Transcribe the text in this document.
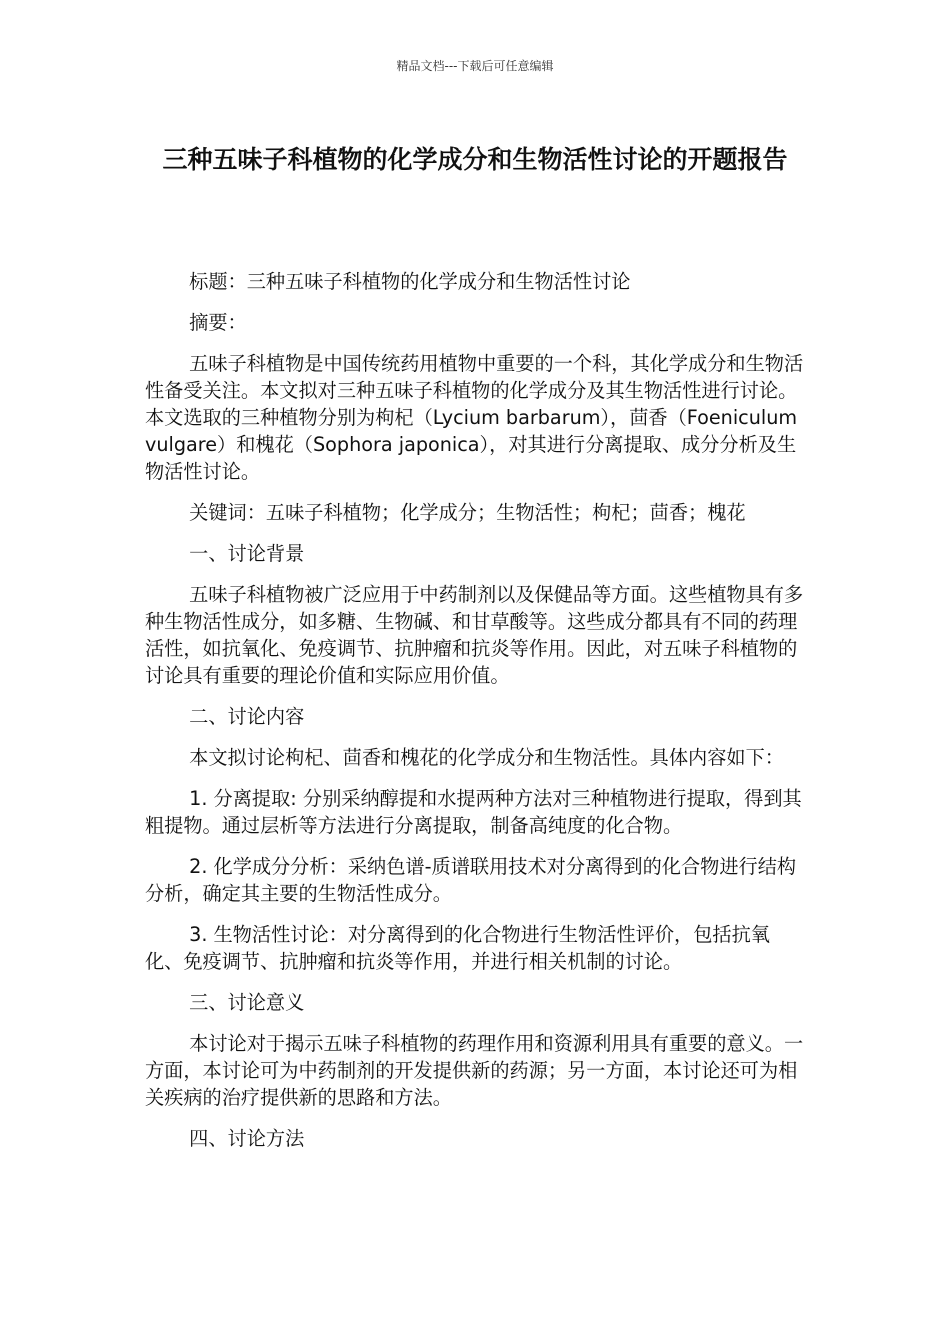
精品文档---下载后可任意编辑
三种五味子科植物的化学成分和生物活性讨论的开题报告

标题：三种五味子科植物的化学成分和生物活性讨论

摘要：

五味子科植物是中国传统药用植物中重要的一个科，其化学成分和生物活性备受关注。本文拟对三种五味子科植物的化学成分及其生物活性进行讨论。本文选取的三种植物分别为枸杞（Lycium barbarum），茴香（Foeniculum vulgare）和槐花（Sophora japonica），对其进行分离提取、成分分析及生物活性讨论。

关键词：五味子科植物；化学成分；生物活性；枸杞；茴香；槐花

一、讨论背景

五味子科植物被广泛应用于中药制剂以及保健品等方面。这些植物具有多种生物活性成分，如多糖、生物碱、和甘草酸等。这些成分都具有不同的药理活性，如抗氧化、免疫调节、抗肿瘤和抗炎等作用。因此，对五味子科植物的讨论具有重要的理论价值和实际应用价值。

二、讨论内容

本文拟讨论枸杞、茴香和槐花的化学成分和生物活性。具体内容如下：

1. 分离提取: 分别采纳醇提和水提两种方法对三种植物进行提取，得到其粗提物。通过层析等方法进行分离提取，制备高纯度的化合物。

2. 化学成分分析：采纳色谱-质谱联用技术对分离得到的化合物进行结构分析，确定其主要的生物活性成分。

3. 生物活性讨论：对分离得到的化合物进行生物活性评价，包括抗氧化、免疫调节、抗肿瘤和抗炎等作用，并进行相关机制的讨论。

三、讨论意义

本讨论对于揭示五味子科植物的药理作用和资源利用具有重要的意义。一方面，本讨论可为中药制剂的开发提供新的药源；另一方面，本讨论还可为相关疾病的治疗提供新的思路和方法。

四、讨论方法
